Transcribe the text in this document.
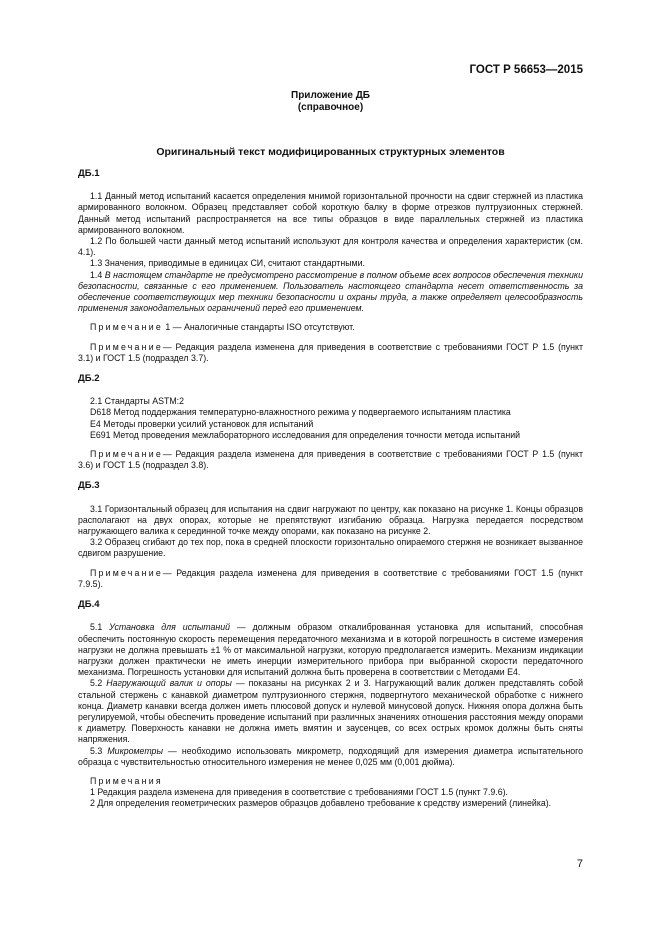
ГОСТ Р 56653—2015
Приложение ДБ
(справочное)
Оригинальный текст модифицированных структурных элементов

ДБ.1

1.1 Данный метод испытаний касается определения мнимой горизонтальной прочности на сдвиг стержней из пластика армированного волокном. Образец представляет собой короткую балку в форме отрезков пултрузионных стержней. Данный метод испытаний распространяется на все типы образцов в виде параллельных стержней из пластика армированного волокном.

1.2 По большей части данный метод испытаний используют для контроля качества и определения характеристик (см. 4.1).

1.3 Значения, приводимые в единицах СИ, считают стандартными.

1.4 В настоящем стандарте не предусмотрено рассмотрение в полном объеме всех вопросов обеспечения техники безопасности, связанные с его применением. Пользователь настоящего стандарта несет ответственность за обеспечение соответствующих мер техники безопасности и охраны труда, а также определяет целесообразность применения законодательных ограничений перед его применением.

Примечание 1 — Аналогичные стандарты ISO отсутствуют.

Примечание— Редакция раздела изменена для приведения в соответствие с требованиями ГОСТ Р 1.5 (пункт 3.1) и ГОСТ 1.5 (подраздел 3.7).

ДБ.2

2.1 Стандарты ASTM:2

D618 Метод поддержания температурно-влажностного режима у подвергаемого испытаниям пластика

E4 Методы проверки усилий установок для испытаний

E691 Метод проведения межлабораторного исследования для определения точности метода испытаний

Примечание— Редакция раздела изменена для приведения в соответствие с требованиями ГОСТ Р 1.5 (пункт 3.6) и ГОСТ 1.5 (подраздел 3.8).

ДБ.3

3.1 Горизонтальный образец для испытания на сдвиг нагружают по центру, как показано на рисунке 1. Концы образцов располагают на двух опорах, которые не препятствуют изгибанию образца. Нагрузка передается посредством нагружающего валика к серединной точке между опорами, как показано на рисунке 2.

3.2 Образец сгибают до тех пор, пока в средней плоскости горизонтально опираемого стержня не возникает вызванное сдвигом разрушение.

Примечание— Редакция раздела изменена для приведения в соответствие с требованиями ГОСТ 1.5 (пункт 7.9.5).

ДБ.4

5.1 Установка для испытаний — должным образом откалиброванная установка для испытаний, способная обеспечить постоянную скорость перемещения передаточного механизма и в которой погрешность в системе измерения нагрузки не должна превышать ±1 % от максимальной нагрузки, которую предполагается измерить. Механизм индикации нагрузки должен практически не иметь инерции измерительного прибора при выбранной скорости передаточного механизма. Погрешность установки для испытаний должна быть проверена в соответствии с Методами E4.

5.2 Нагружающий валик и опоры — показаны на рисунках 2 и 3. Нагружающий валик должен представлять собой стальной стержень с канавкой диаметром пултрузионного стержня, подвергнутого механической обработке с нижнего конца. Диаметр канавки всегда должен иметь плюсовой допуск и нулевой минусовой допуск. Нижняя опора должна быть регулируемой, чтобы обеспечить проведение испытаний при различных значениях отношения расстояния между опорами к диаметру. Поверхность канавки не должна иметь вмятин и заусенцев, со всех острых кромок должны быть сняты напряжения.

5.3 Микрометры — необходимо использовать микрометр, подходящий для измерения диаметра испытательного образца с чувствительностью относительного измерения не менее 0,025 мм (0,001 дюйма).

Примечания

1 Редакция раздела изменена для приведения в соответствие с требованиями ГОСТ 1.5 (пункт 7.9.6).

2 Для определения геометрических размеров образцов добавлено требование к средству измерений (линейка).

7
